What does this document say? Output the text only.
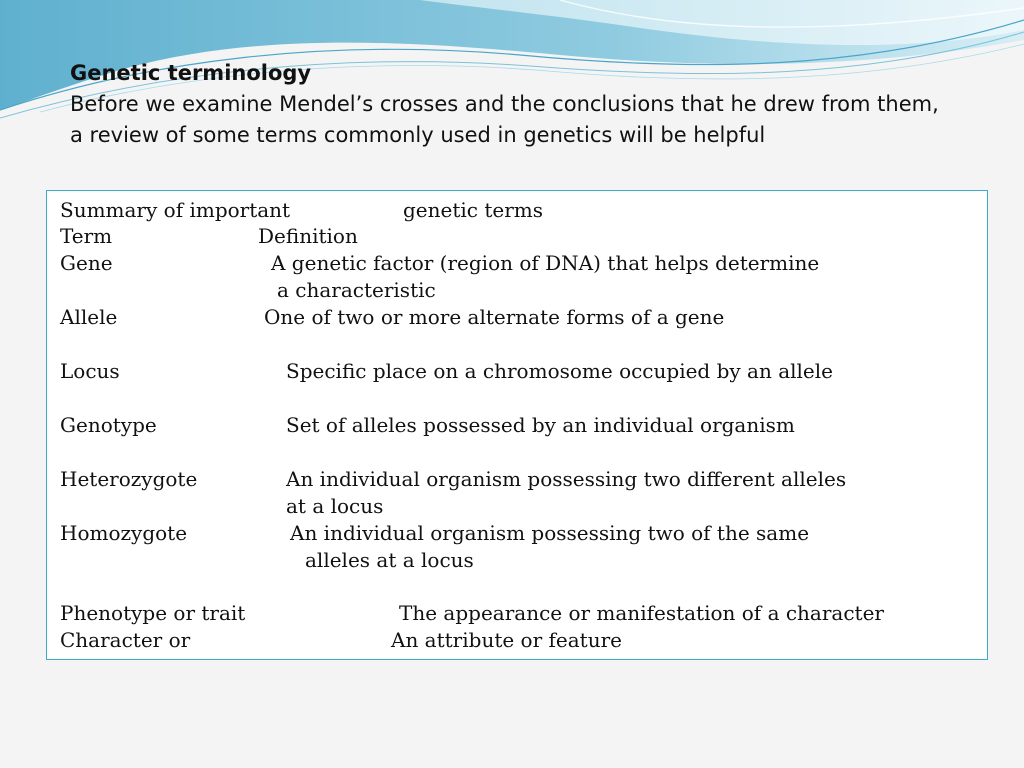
Genetic terminology
Before we examine Mendel’s crosses and the conclusions that he drew from them, a review of some terms commonly used in genetics will be helpful
Summary of important	genetic terms
Term	Definition
Gene	A genetic factor (region of DNA) that helps determine
a characteristic
Allele	One of two or more alternate forms of a gene
Locus	Specific place on a chromosome occupied by an allele
Genotype	Set of alleles possessed by an individual organism
Heterozygote	An individual organism possessing two different alleles
at a locus
Homozygote	An individual organism possessing two of the same
alleles at a locus
Phenotype or trait	The appearance or manifestation of a character
Character or	An attribute or feature
